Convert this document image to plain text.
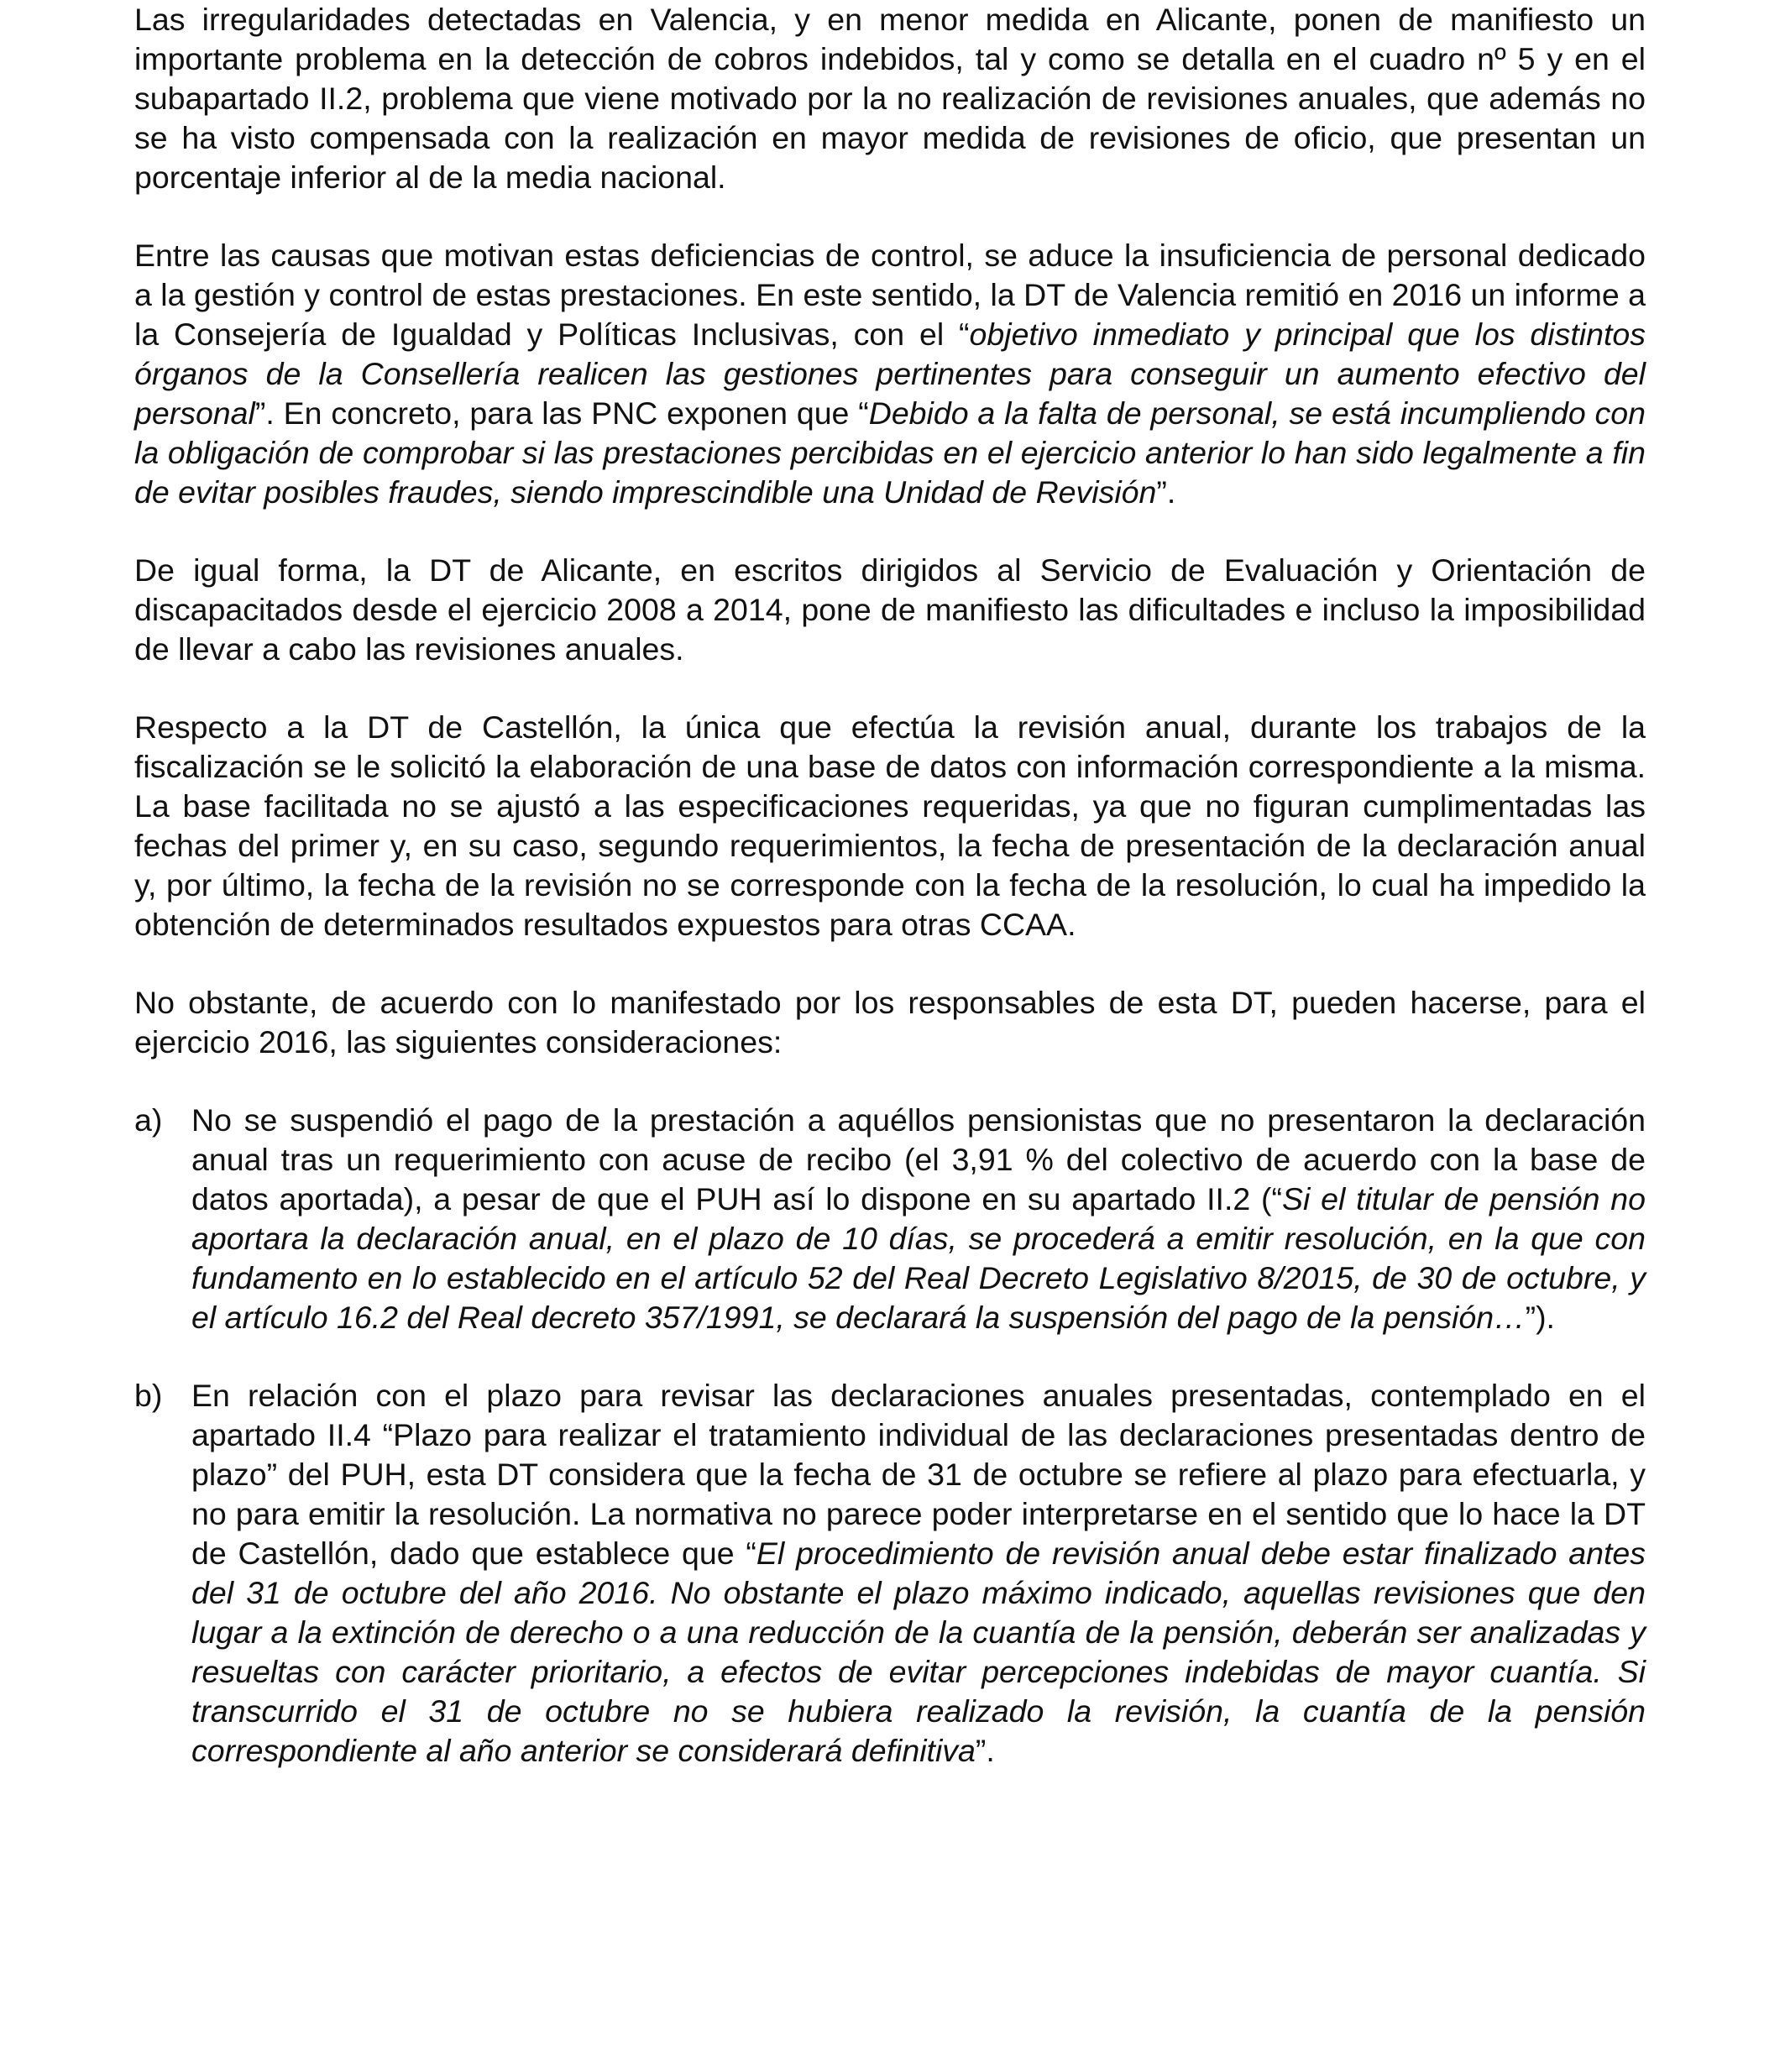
Las irregularidades detectadas en Valencia, y en menor medida en Alicante, ponen de manifiesto un importante problema en la detección de cobros indebidos, tal y como se detalla en el cuadro nº 5 y en el subapartado II.2, problema que viene motivado por la no realización de revisiones anuales, que además no se ha visto compensada con la realización en mayor medida de revisiones de oficio, que presentan un porcentaje inferior al de la media nacional.

Entre las causas que motivan estas deficiencias de control, se aduce la insuficiencia de personal dedicado a la gestión y control de estas prestaciones. En este sentido, la DT de Valencia remitió en 2016 un informe a la Consejería de Igualdad y Políticas Inclusivas, con el “objetivo inmediato y principal que los distintos órganos de la Consellería realicen las gestiones pertinentes para conseguir un aumento efectivo del personal”. En concreto, para las PNC exponen que “Debido a la falta de personal, se está incumpliendo con la obligación de comprobar si las prestaciones percibidas en el ejercicio anterior lo han sido legalmente a fin de evitar posibles fraudes, siendo imprescindible una Unidad de Revisión”.

De igual forma, la DT de Alicante, en escritos dirigidos al Servicio de Evaluación y Orientación de discapacitados desde el ejercicio 2008 a 2014, pone de manifiesto las dificultades e incluso la imposibilidad de llevar a cabo las revisiones anuales.

Respecto a la DT de Castellón, la única que efectúa la revisión anual, durante los trabajos de la fiscalización se le solicitó la elaboración de una base de datos con información correspondiente a la misma. La base facilitada no se ajustó a las especificaciones requeridas, ya que no figuran cumplimentadas las fechas del primer y, en su caso, segundo requerimientos, la fecha de presentación de la declaración anual y, por último, la fecha de la revisión no se corresponde con la fecha de la resolución, lo cual ha impedido la obtención de determinados resultados expuestos para otras CCAA.

No obstante, de acuerdo con lo manifestado por los responsables de esta DT, pueden hacerse, para el ejercicio 2016, las siguientes consideraciones:

a) No se suspendió el pago de la prestación a aquéllos pensionistas que no presentaron la declaración anual tras un requerimiento con acuse de recibo (el 3,91 % del colectivo de acuerdo con la base de datos aportada), a pesar de que el PUH así lo dispone en su apartado II.2 (“Si el titular de pensión no aportara la declaración anual, en el plazo de 10 días, se procederá a emitir resolución, en la que con fundamento en lo establecido en el artículo 52 del Real Decreto Legislativo 8/2015, de 30 de octubre, y el artículo 16.2 del Real decreto 357/1991, se declarará la suspensión del pago de la pensión…”).
b) En relación con el plazo para revisar las declaraciones anuales presentadas, contemplado en el apartado II.4 “Plazo para realizar el tratamiento individual de las declaraciones presentadas dentro de plazo” del PUH, esta DT considera que la fecha de 31 de octubre se refiere al plazo para efectuarla, y no para emitir la resolución. La normativa no parece poder interpretarse en el sentido que lo hace la DT de Castellón, dado que establece que “El procedimiento de revisión anual debe estar finalizado antes del 31 de octubre del año 2016. No obstante el plazo máximo indicado, aquellas revisiones que den lugar a la extinción de derecho o a una reducción de la cuantía de la pensión, deberán ser analizadas y resueltas con carácter prioritario, a efectos de evitar percepciones indebidas de mayor cuantía. Si transcurrido el 31 de octubre no se hubiera realizado la revisión, la cuantía de la pensión correspondiente al año anterior se considerará definitiva”.
